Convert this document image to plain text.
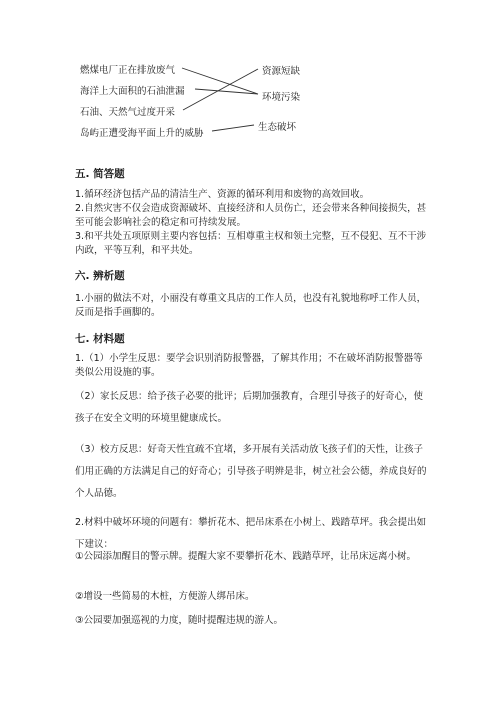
燃煤电厂正在排放废气
海洋上大面积的石油泄漏
石油、天然气过度开采
岛屿正遭受海平面上升的威胁
资源短缺
环境污染
生态破坏
五. 简答题
1.循环经济包括产品的清洁生产、资源的循环利用和废物的高效回收。
2.自然灾害不仅会造成资源破坏、直接经济和人员伤亡，还会带来各种间接损失，甚至可能会影响社会的稳定和可持续发展。
3.和平共处五项原则主要内容包括：互相尊重主权和领土完整，互不侵犯、互不干涉内政，平等互利，和平共处。
六. 辨析题
1.小丽的做法不对，小丽没有尊重文具店的工作人员，也没有礼貌地称呼工作人员，反而是指手画脚的。
七. 材料题
1.（1）小学生反思：要学会识别消防报警器，了解其作用；不在破坏消防报警器等类似公用设施的事。
（2）家长反思：给予孩子必要的批评；后期加强教育，合理引导孩子的好奇心，使孩子在安全文明的环境里健康成长。
（3）校方反思：好奇天性宜疏不宜堵，多开展有关活动放飞孩子们的天性，让孩子们用正确的方法满足自己的好奇心；引导孩子明辨是非，树立社会公德，养成良好的个人品德。
2.材料中破坏环境的问题有：攀折花木、把吊床系在小树上、践踏草坪。我会提出如下建议：
①公园添加醒目的警示牌。提醒大家不要攀折花木、践踏草坪，让吊床远离小树。
②增设一些简易的木桩，方便游人绑吊床。
③公园要加强巡视的力度，随时提醒违规的游人。
